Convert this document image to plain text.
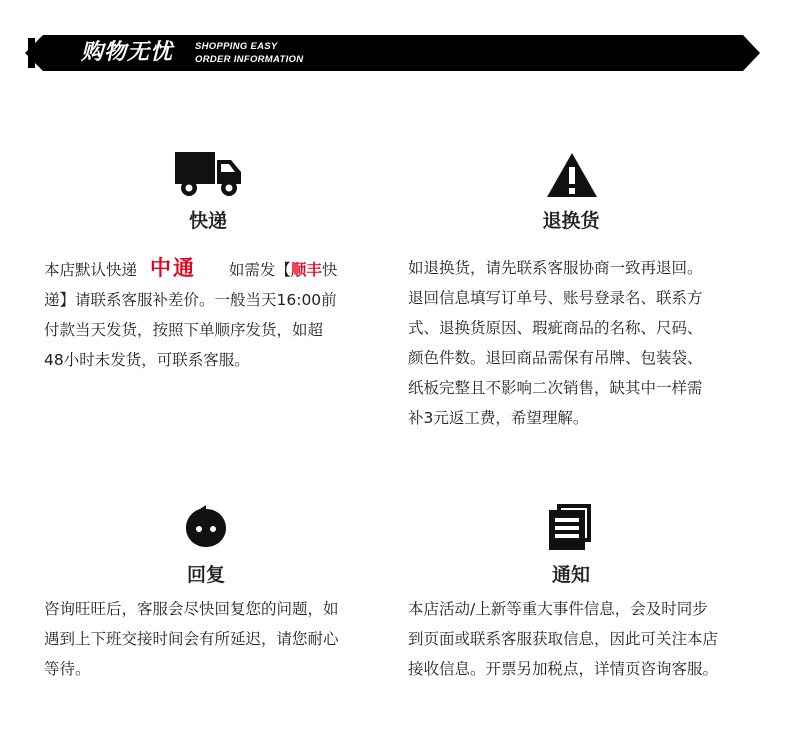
购物无忧 SHOPPING EASY
ORDER INFORMATION
快递
本店默认快递 中通 如需发【顺丰快
递】请联系客服补差价。一般当天16:00前
付款当天发货，按照下单顺序发货，如超
48小时未发货，可联系客服。
退换货
如退换货，请先联系客服协商一致再退回。
退回信息填写订单号、账号登录名、联系方
式、退换货原因、瑕疵商品的名称、尺码、
颜色件数。退回商品需保有吊牌、包装袋、
纸板完整且不影响二次销售，缺其中一样需
补3元返工费，希望理解。
回复
咨询旺旺后，客服会尽快回复您的问题，如
遇到上下班交接时间会有所延迟，请您耐心
等待。
通知
本店活动/上新等重大事件信息，会及时同步
到页面或联系客服获取信息，因此可关注本店
接收信息。开票另加税点，详情页咨询客服。
